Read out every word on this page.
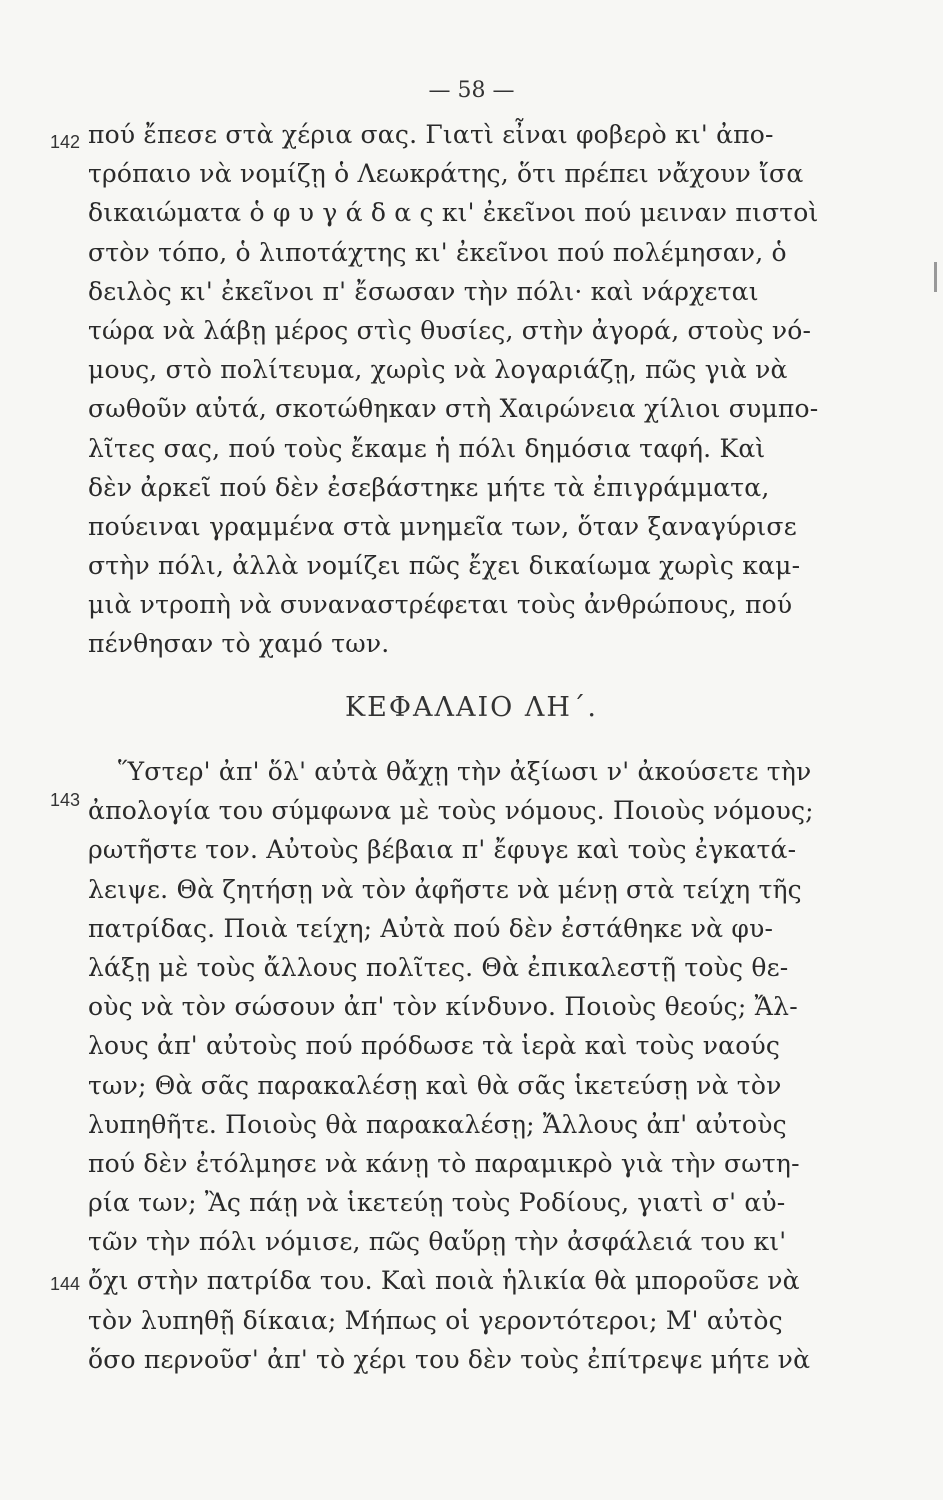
— 58 —
142
143
144
πού ἔπεσε στὰ χέρια σας. Γιατὶ εἶναι φοβερὸ κι' ἀπο-
τρόπαιο νὰ νομίζῃ ὁ Λεωκράτης, ὅτι πρέπει νἄχουν ἴσα
δικαιώματα ὁ φ υ γ ά δ α ς κι' ἐκεῖνοι πού μειναν πιστοὶ
στὸν τόπο, ὁ λιποτάχτης κι' ἐκεῖνοι πού πολέμησαν, ὁ
δειλὸς κι' ἐκεῖνοι π' ἔσωσαν τὴν πόλι· καὶ νάρχεται
τώρα νὰ λάβῃ μέρος στὶς θυσίες, στὴν ἀγορά, στοὺς νό-
μους, στὸ πολίτευμα, χωρὶς νὰ λογαριάζῃ, πῶς γιὰ νὰ
σωθοῦν αὐτά, σκοτώθηκαν στὴ Χαιρώνεια χίλιοι συμπο-
λῖτες σας, πού τοὺς ἔκαμε ἡ πόλι δημόσια ταφή. Καὶ
δὲν ἀρκεῖ πού δὲν ἐσεβάστηκε μήτε τὰ ἐπιγράμματα,
πούειναι γραμμένα στὰ μνημεῖα των, ὅταν ξαναγύρισε
στὴν πόλι, ἀλλὰ νομίζει πῶς ἔχει δικαίωμα χωρὶς καμ-
μιὰ ντροπὴ νὰ συναναστρέφεται τοὺς ἀνθρώπους, πού
πένθησαν τὸ χαμό των.
ΚΕΦΑΛΑΙΟ ΛΗ΄.
Ὕστερ' ἀπ' ὅλ' αὐτὰ θἄχῃ τὴν ἀξίωσι ν' ἀκούσετε τὴν
ἀπολογία του σύμφωνα μὲ τοὺς νόμους. Ποιοὺς νόμους;
ρωτῆστε τον. Αὐτοὺς βέβαια π' ἔφυγε καὶ τοὺς ἐγκατά-
λειψε. Θὰ ζητήσῃ νὰ τὸν ἀφῆστε νὰ μένῃ στὰ τείχη τῆς
πατρίδας. Ποιὰ τείχη; Αὐτὰ πού δὲν ἐστάθηκε νὰ φυ-
λάξῃ μὲ τοὺς ἄλλους πολῖτες. Θὰ ἐπικαλεστῇ τοὺς θε-
οὺς νὰ τὸν σώσουν ἀπ' τὸν κίνδυνο. Ποιοὺς θεούς; Ἄλ-
λους ἀπ' αὐτοὺς πού πρόδωσε τὰ ἱερὰ καὶ τοὺς ναούς
των; Θὰ σᾶς παρακαλέσῃ καὶ θὰ σᾶς ἱκετεύσῃ νὰ τὸν
λυπηθῆτε. Ποιοὺς θὰ παρακαλέσῃ; Ἄλλους ἀπ' αὐτοὺς
πού δὲν ἐτόλμησε νὰ κάνῃ τὸ παραμικρὸ γιὰ τὴν σωτη-
ρία των; Ἂς πάῃ νὰ ἱκετεύῃ τοὺς Ροδίους, γιατὶ σ' αὐ-
τῶν τὴν πόλι νόμισε, πῶς θαὕρῃ τὴν ἀσφάλειά του κι'
ὄχι στὴν πατρίδα του. Καὶ ποιὰ ἡλικία θὰ μποροῦσε νὰ
τὸν λυπηθῇ δίκαια; Μήπως οἱ γεροντότεροι; Μ' αὐτὸς
ὅσο περνοῦσ' ἀπ' τὸ χέρι του δὲν τοὺς ἐπίτρεψε μήτε νὰ
